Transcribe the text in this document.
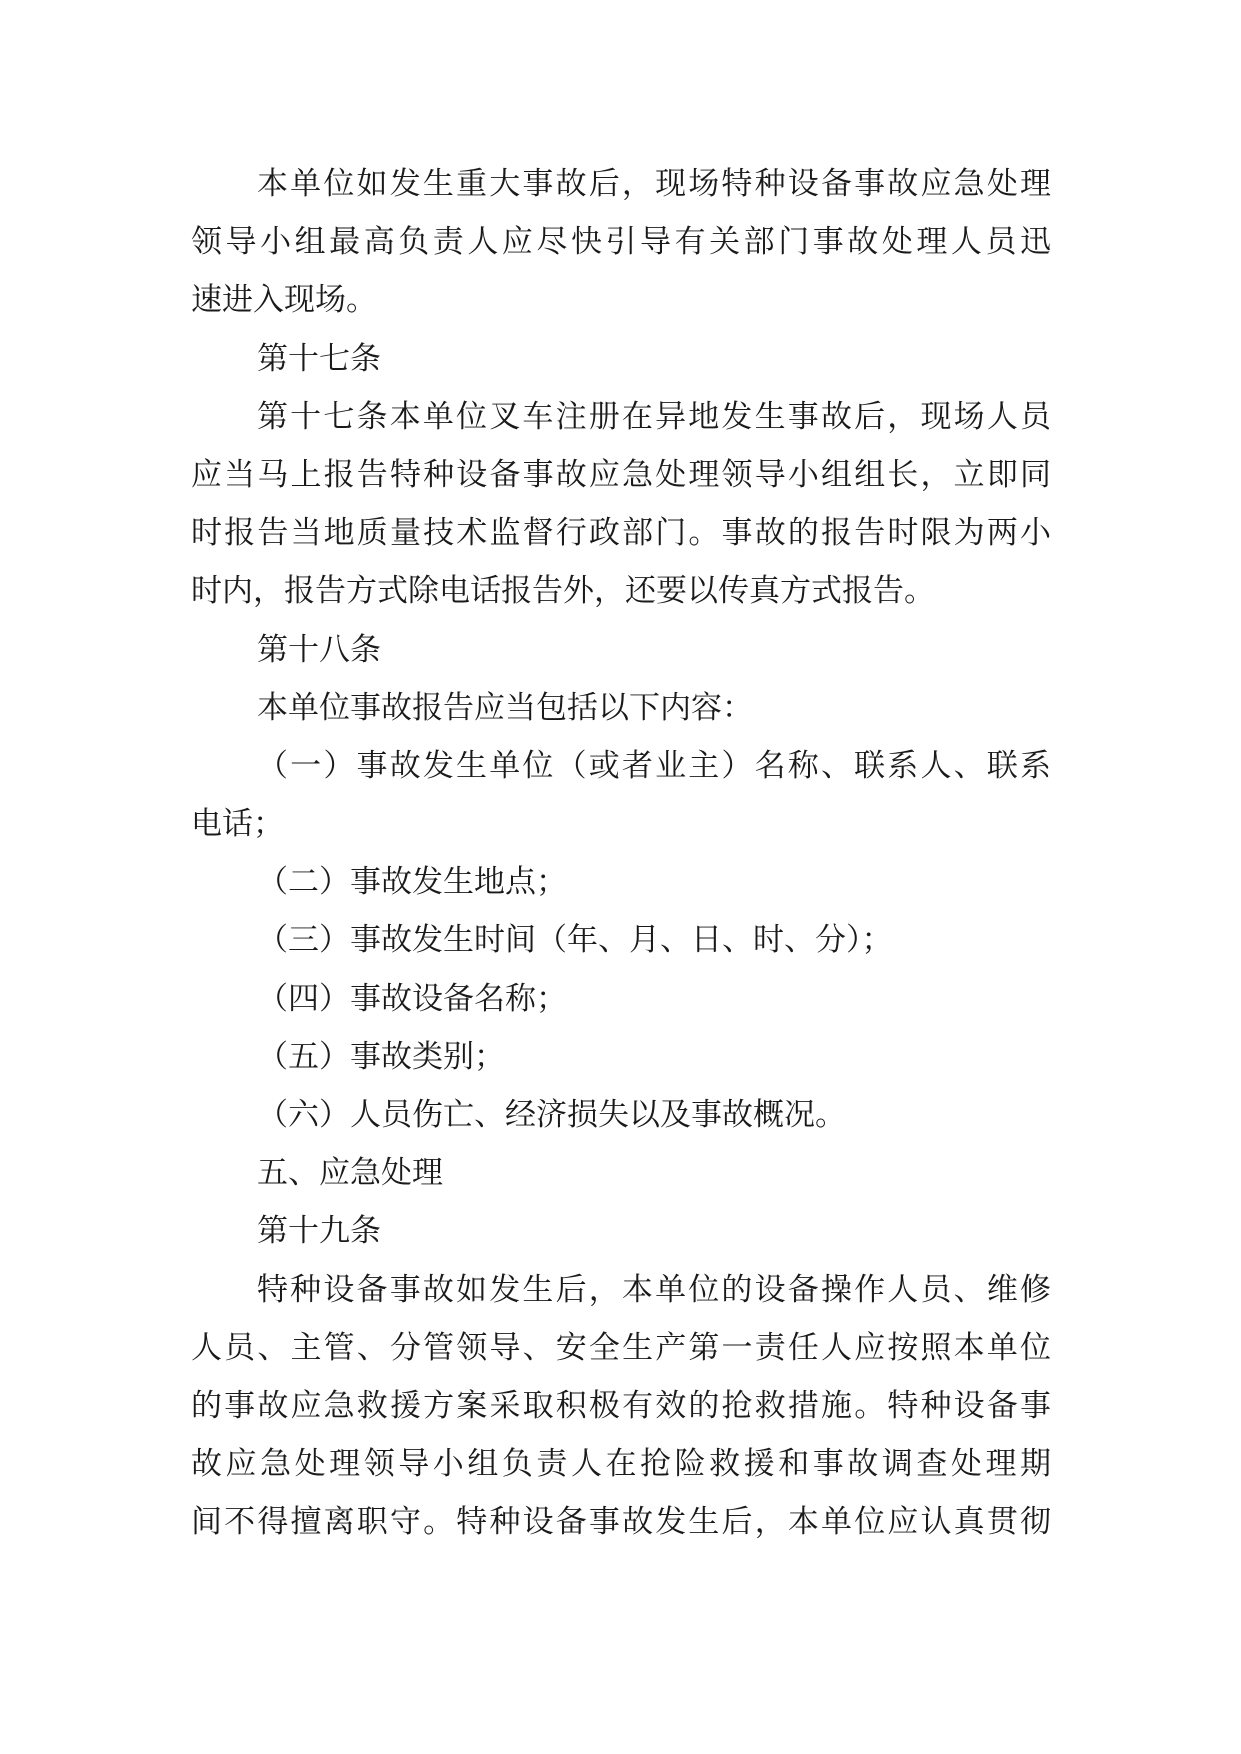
本单位如发生重大事故后，现场特种设备事故应急处理

领导小组最高负责人应尽快引导有关部门事故处理人员迅

速进入现场。

第十七条

第十七条本单位叉车注册在异地发生事故后，现场人员

应当马上报告特种设备事故应急处理领导小组组长，立即同

时报告当地质量技术监督行政部门。事故的报告时限为两小

时内，报告方式除电话报告外，还要以传真方式报告。

第十八条

本单位事故报告应当包括以下内容：

（一）事故发生单位（或者业主）名称、联系人、联系

电话；

（二）事故发生地点；

（三）事故发生时间（年、月、日、时、分）；

（四）事故设备名称；

（五）事故类别；

（六）人员伤亡、经济损失以及事故概况。

五、应急处理

第十九条

特种设备事故如发生后，本单位的设备操作人员、维修

人员、主管、分管领导、安全生产第一责任人应按照本单位

的事故应急救援方案采取积极有效的抢救措施。特种设备事

故应急处理领导小组负责人在抢险救援和事故调查处理期

间不得擅离职守。特种设备事故发生后，本单位应认真贯彻
